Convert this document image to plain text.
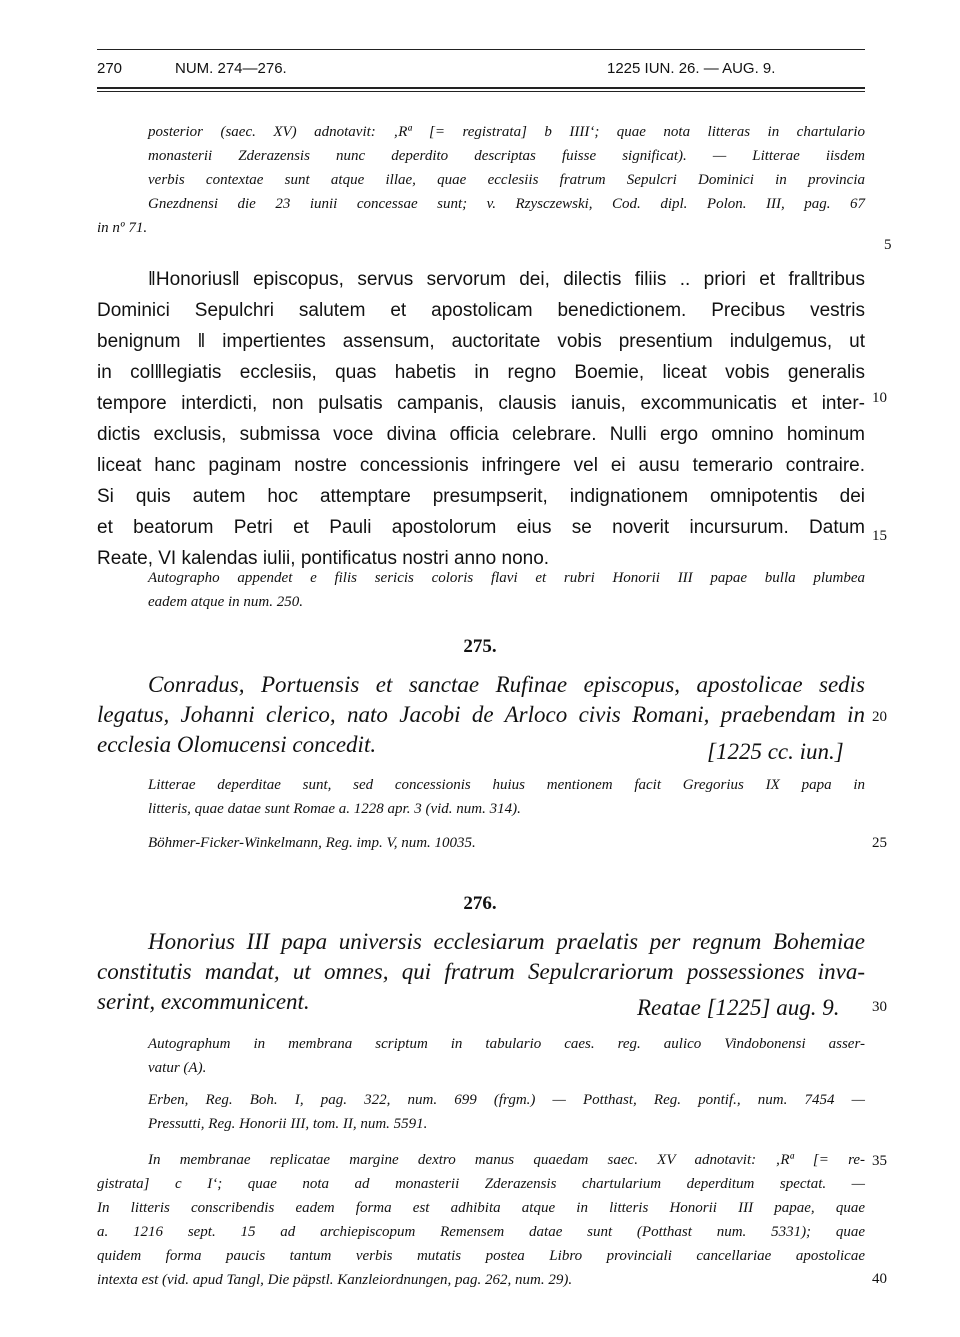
270	NUM. 274—276.	1225 IUN. 26. — AUG. 9.
posterior (saec. XV) adnotavit: ‚Rª [= registrata] b IIII‘; quae nota litteras in chartulario
monasterii Zderazensis nunc deperdito descriptas fuisse significat). — Litterae iisdem
verbis contextae sunt atque illae, quae ecclesiis fratrum Sepulcri Dominici in provincia
Gnezdnensi die 23 iunii concessae sunt; v. Rzysczewski, Cod. dipl. Polon. III, pag. 67
in nº 71.
‖Honorius‖ episcopus, servus servorum dei, dilectis filiis .. priori et fra‖tribus
Dominici Sepulchri salutem et apostolicam benedictionem. Precibus vestris
benignum ‖ impertientes assensum, auctoritate vobis presentium indulgemus, ut
in col‖legiatis ecclesiis, quas habetis in regno Boemie, liceat vobis generalis
tempore interdicti, non pulsatis campanis, clausis ianuis, excommunicatis et inter-
dictis exclusis, submissa voce divina officia celebrare. Nulli ergo omnino hominum
liceat hanc paginam nostre concessionis infringere vel ei ausu temerario contraire.
Si quis autem hoc attemptare presumpserit, indignationem omnipotentis dei
et beatorum Petri et Pauli apostolorum eius se noverit incursurum. Datum
Reate, VI kalendas iulii, pontificatus nostri anno nono.
Autographo appendet e filis sericis coloris flavi et rubri Honorii III papae bulla plumbea
eadem atque in num. 250.
275.
Conradus, Portuensis et sanctae Rufinae episcopus, apostolicae sedis
legatus, Johanni clerico, nato Jacobi de Arloco civis Romani, praebendam in
ecclesia Olomucensi concedit.	[1225 cc. iun.]
Litterae deperditae sunt, sed concessionis huius mentionem facit Gregorius IX papa in
litteris, quae datae sunt Romae a. 1228 apr. 3 (vid. num. 314).
Böhmer-Ficker-Winkelmann, Reg. imp. V, num. 10035.
276.
Honorius III papa universis ecclesiarum praelatis per regnum Bohemiae
constitutis mandat, ut omnes, qui fratrum Sepulcrariorum possessiones inva-
serint, excommunicent.	Reatae [1225] aug. 9.
Autographum in membrana scriptum in tabulario caes. reg. aulico Vindobonensi asser-
vatur (A).
Erben, Reg. Boh. I, pag. 322, num. 699 (frgm.) — Potthast, Reg. pontif., num. 7454 —
Pressutti, Reg. Honorii III, tom. II, num. 5591.
In membranae replicatae margine dextro manus quaedam saec. XV adnotavit: ‚Rª [= re-
gistrata] c I‘; quae nota ad monasterii Zderazensis chartularium deperditum spectat. —
In litteris conscribendis eadem forma est adhibita atque in litteris Honorii III papae, quae
a. 1216 sept. 15 ad archiepiscopum Remensem datae sunt (Potthast num. 5331); quae
quidem forma paucis tantum verbis mutatis postea Libro provinciali cancellariae apostolicae
intexta est (vid. apud Tangl, Die päpstl. Kanzleiordnungen, pag. 262, num. 29).
5
10
15
20
25
30
35
40
